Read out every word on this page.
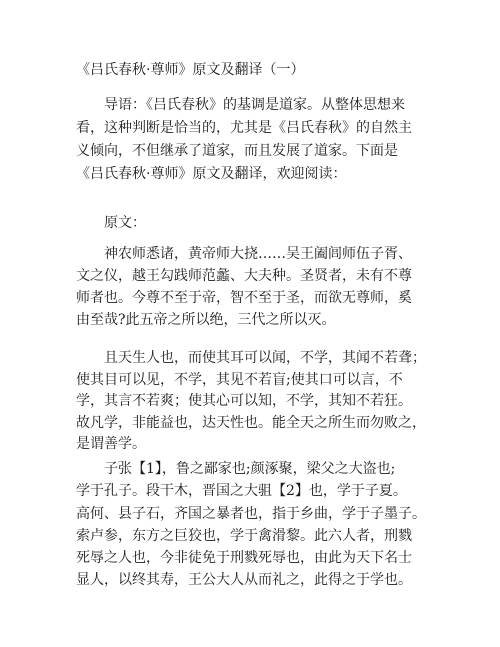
《吕氏春秋·尊师》原文及翻译（一）

　　导语：《吕氏春秋》的基调是道家。从整体思想来

看，这种判断是恰当的，尤其是《吕氏春秋》的自然主

义倾向，不但继承了道家，而且发展了道家。下面是

《吕氏春秋·尊师》原文及翻译，欢迎阅读：

　　原文：

　　神农师悉诸，黄帝师大挠……吴王阖闾师伍子胥、

文之仪，越王勾践师范蠡、大夫种。圣贤者，未有不尊

师者也。今尊不至于帝，智不至于圣，而欲无尊师，奚

由至哉?此五帝之所以绝，三代之所以灭。

　　且天生人也，而使其耳可以闻，不学，其闻不若聋；

使其目可以见，不学，其见不若盲;使其口可以言，不

学，其言不若爽；使其心可以知，不学，其知不若狂。

故凡学，非能益也，达天性也。能全天之所生而勿败之，

是谓善学。

　　子张【1】，鲁之鄙家也;颜涿聚，梁父之大盗也;

学于孔子。段干木，晋国之大驵【2】也，学于子夏。

高何、县子石，齐国之暴者也，指于乡曲，学于子墨子。

索卢参，东方之巨狡也，学于禽滑黎。此六人者，刑戮

死辱之人也，今非徒免于刑戮死辱也，由此为天下名士

显人，以终其寿，王公大人从而礼之，此得之于学也。
